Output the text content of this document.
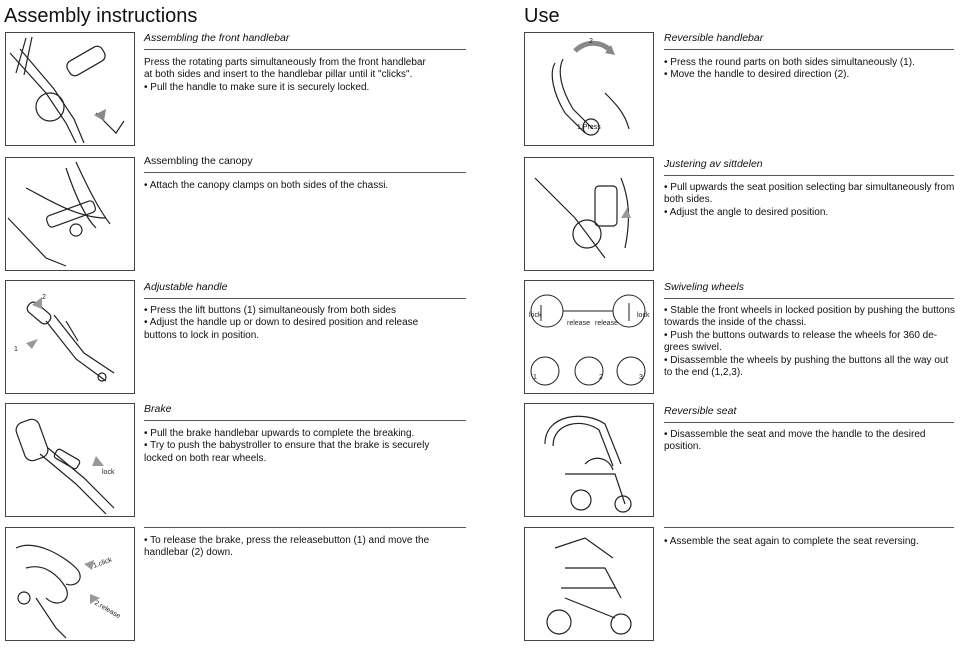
Assembly instructions
Assembling the front handlebar
Press the rotating parts simultaneously from the front handlebar
at both sides and insert to the handlebar pillar until it "clicks".
• Pull the handle to make sure it is securely locked.
Assembling the canopy
• Attach the canopy clamps on both sides of the chassi.
2
1
Adjustable handle
• Press the lift buttons (1) simultaneously from both sides
• Adjust the handle up or down to desired position and release
buttons to lock in position.
lock
Brake
• Pull the brake handlebar upwards to complete the breaking.
• Try to push the babystroller to ensure that the brake is securely
locked on both rear wheels.
1.click
2.release
• To release the brake, press the releasebutton (1) and move the
handlebar (2) down.
Use
2
1.Press
Reversible handlebar
• Press the round parts on both sides simultaneously (1).
• Move the handle to desired direction (2).
Justering av sittdelen
• Pull upwards the seat position selecting bar simultaneously from
both sides.
• Adjust the angle to desired position.
lock
release release
lock
1	2	3
Swiveling wheels
• Stable the front wheels in locked position by pushing the buttons
towards the inside of the chassi.
• Push the buttons outwards to release the wheels for 360 de-
grees swivel.
• Disassemble the wheels by pushing the buttons all the way out
to the end (1,2,3).
Reversible seat
• Disassemble the seat and move the handle to the desired
position.
• Assemble the seat again to complete the seat reversing.
